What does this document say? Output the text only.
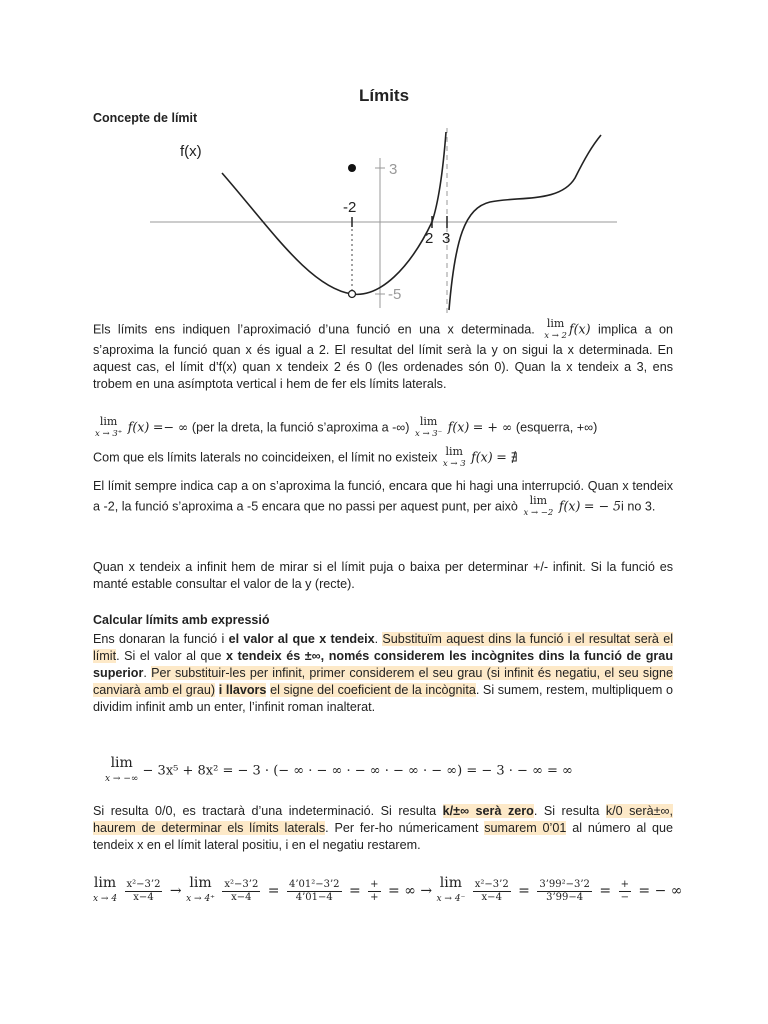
Límits
Concepte de límit
f(x)
3
-2
-5
2 3
Els límits ens indiquen l’aproximació d’una funció en una x determinada. lim
x → 2 f(x) implica a on s’aproxima la funció quan x és igual a 2. El resultat del límit serà la y on sigui la x determinada. En aquest cas, el límit d’f(x) quan x tendeix 2 és 0 (les ordenades són 0). Quan la x tendeix a 3, ens trobem en una asímptota vertical i hem de fer els límits laterals.
lim
x → 3⁺ f(x) =− ∞ (per la dreta, la funció s’aproxima a -∞) lim
x → 3⁻ f(x) = + ∞ (esquerra, +∞)
Com que els límits laterals no coincideixen, el límit no existeix lim
x → 3 f(x) = ∄
El límit sempre indica cap a on s’aproxima la funció, encara que hi hagi una interrupció. Quan x tendeix a -2, la funció s’aproxima a -5 encara que no passi per aquest punt, per això lim
x → −2 f(x) = − 5i no 3.
Quan x tendeix a infinit hem de mirar si el límit puja o baixa per determinar +/- infinit. Si la funció es manté estable consultar el valor de la y (recte).
Calcular límits amb expressió
Ens donaran la funció i el valor al que x tendeix. Substituïm aquest dins la funció i el resultat serà el límit. Si el valor al que x tendeix és ±∞, només considerem les incògnites dins la funció de grau superior. Per substituir-les per infinit, primer considerem el seu grau (si infinit és negatiu, el seu signe canviarà amb el grau) i llavors el signe del coeficient de la incògnita. Si sumem, restem, multipliquem o dividim infinit amb un enter, l’infinit roman inalterat.
lim
x → −∞ − 3x⁵ + 8x² = − 3 · (− ∞ · − ∞ · − ∞ · − ∞ · − ∞) = − 3 · − ∞ = ∞
Si resulta 0/0, es tractarà d’una indeterminació. Si resulta k/±∞ serà zero. Si resulta k/0 serà±∞, haurem de determinar els límits laterals. Per fer-ho númericament sumarem 0’01 al número al que tendeix x en el límit lateral positiu, i en el negatiu restarem.
lim
$x \to 4 \frac{\text{x²−3’2}}{x-4} \to \lim$
$x \to 4^+ \frac{\text{x²−3’2}}{x-4} = \frac{\text{4’01²−3’2}}{4’01-4} = \frac{+}{+}$ = ∞ → lim
$x \to 4^- \frac{\text{x²−3’2}}{x-4} = \frac{\text{3’99²−3’2}}{3’99-4} = \frac{+}{-}$ = − ∞
